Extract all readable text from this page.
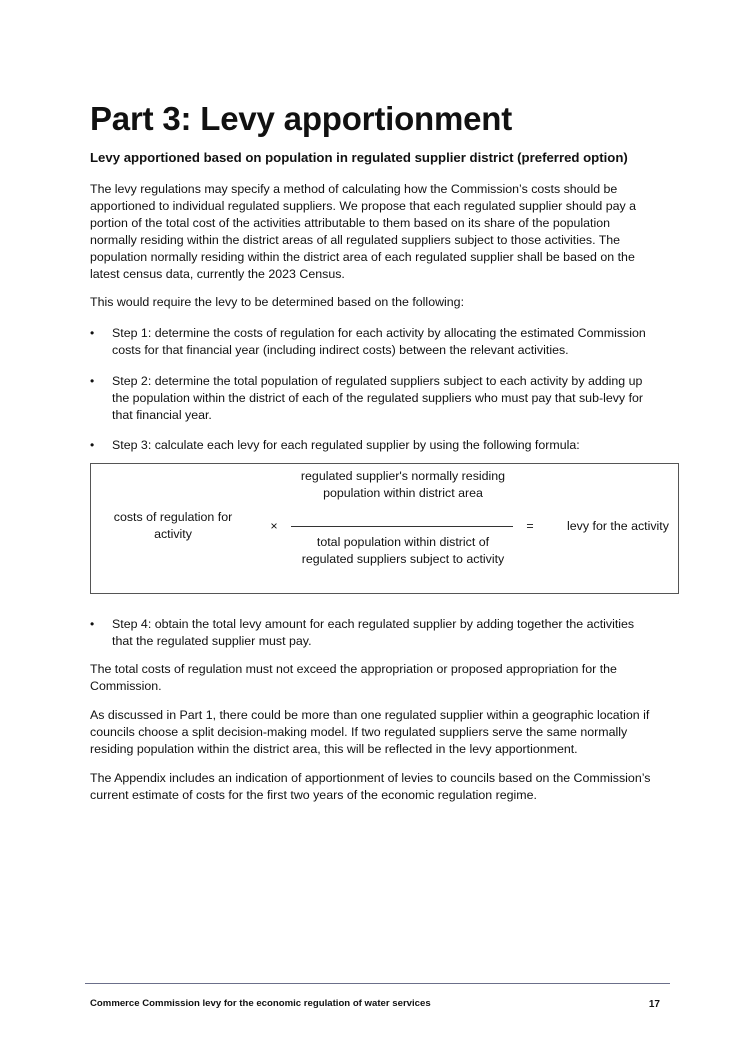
Part 3: Levy apportionment
Levy apportioned based on population in regulated supplier district (preferred option)

The levy regulations may specify a method of calculating how the Commission’s costs should be apportioned to individual regulated suppliers. We propose that each regulated supplier should pay a portion of the total cost of the activities attributable to them based on its share of the population normally residing within the district areas of all regulated suppliers subject to those activities. The population normally residing within the district area of each regulated supplier shall be based on the latest census data, currently the 2023 Census.

This would require the levy to be determined based on the following:

•	Step 1: determine the costs of regulation for each activity by allocating the estimated Commission costs for that financial year (including indirect costs) between the relevant activities.
•	Step 2: determine the total population of regulated suppliers subject to each activity by adding up the population within the district of each of the regulated suppliers who must pay that sub-levy for that financial year.
•	Step 3: calculate each levy for each regulated supplier by using the following formula:
•	Step 4: obtain the total levy amount for each regulated supplier by adding together the activities that the regulated supplier must pay.

The total costs of regulation must not exceed the appropriation or proposed appropriation for the Commission.

As discussed in Part 1, there could be more than one regulated supplier within a geographic location if councils choose a split decision-making model. If two regulated suppliers serve the same normally residing population within the district area, this will be reflected in the levy apportionment.

The Appendix includes an indication of apportionment of levies to councils based on the Commission’s current estimate of costs for the first two years of the economic regulation regime.

costs of regulation for activity
×
regulated supplier's normally residing population within district area
total population within district of regulated suppliers subject to activity
=	levy for the activity
Commerce Commission levy for the economic regulation of water services	17
